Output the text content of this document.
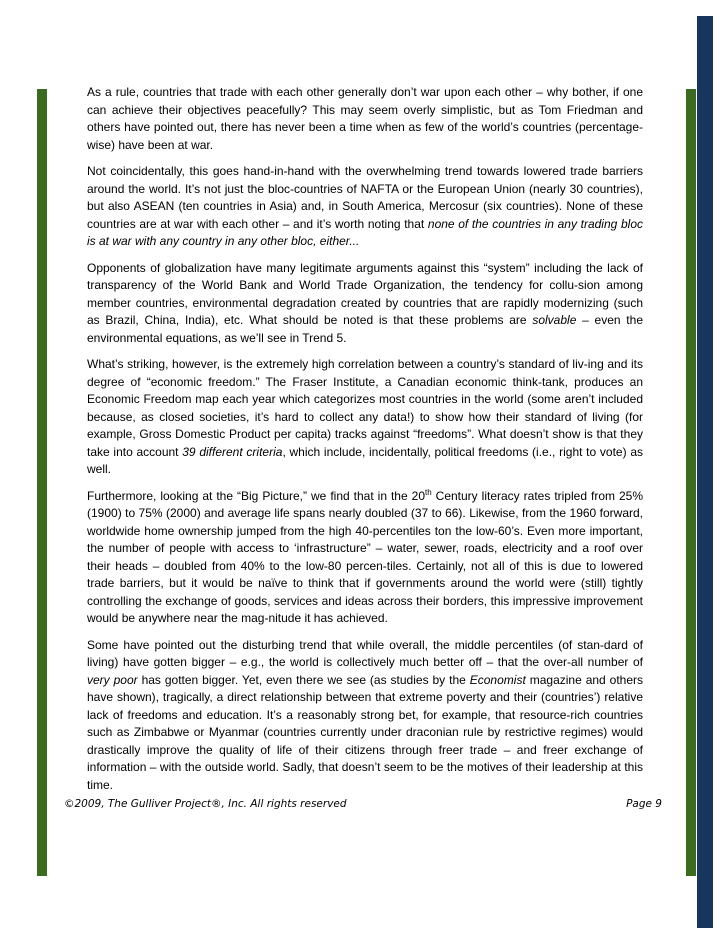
As a rule, countries that trade with each other generally don’t war upon each other – why bother, if one can achieve their objectives peacefully? This may seem overly simplistic, but as Tom Friedman and others have pointed out, there has never been a time when as few of the world’s countries (percentage-wise) have been at war.

Not coincidentally, this goes hand-in-hand with the overwhelming trend towards lowered trade barriers around the world. It’s not just the bloc-countries of NAFTA or the European Union (nearly 30 countries), but also ASEAN (ten countries in Asia) and, in South America, Mercosur (six countries). None of these countries are at war with each other – and it’s worth noting that none of the countries in any trading bloc is at war with any country in any other bloc, either...

Opponents of globalization have many legitimate arguments against this “system” including the lack of transparency of the World Bank and World Trade Organization, the tendency for collu-sion among member countries, environmental degradation created by countries that are rapidly modernizing (such as Brazil, China, India), etc. What should be noted is that these problems are solvable – even the environmental equations, as we’ll see in Trend 5.

What’s striking, however, is the extremely high correlation between a country’s standard of liv-ing and its degree of “economic freedom.” The Fraser Institute, a Canadian economic think-tank, produces an Economic Freedom map each year which categorizes most countries in the world (some aren’t included because, as closed societies, it’s hard to collect any data!) to show how their standard of living (for example, Gross Domestic Product per capita) tracks against “freedoms”. What doesn’t show is that they take into account 39 different criteria, which include, incidentally, political freedoms (i.e., right to vote) as well.

Furthermore, looking at the “Big Picture,” we find that in the 20th Century literacy rates tripled from 25% (1900) to 75% (2000) and average life spans nearly doubled (37 to 66). Likewise, from the 1960 forward, worldwide home ownership jumped from the high 40-percentiles ton the low-60’s. Even more important, the number of people with access to ‘infrastructure” – water, sewer, roads, electricity and a roof over their heads – doubled from 40% to the low-80 percen-tiles. Certainly, not all of this is due to lowered trade barriers, but it would be naïve to think that if governments around the world were (still) tightly controlling the exchange of goods, services and ideas across their borders, this impressive improvement would be anywhere near the mag-nitude it has achieved.

Some have pointed out the disturbing trend that while overall, the middle percentiles (of stan-dard of living) have gotten bigger – e.g., the world is collectively much better off – that the over-all number of very poor has gotten bigger. Yet, even there we see (as studies by the Economist magazine and others have shown), tragically, a direct relationship between that extreme poverty and their (countries’) relative lack of freedoms and education. It’s a reasonably strong bet, for example, that resource-rich countries such as Zimbabwe or Myanmar (countries currently under draconian rule by restrictive regimes) would drastically improve the quality of life of their citizens through freer trade – and freer exchange of information – with the outside world. Sadly, that doesn’t seem to be the motives of their leadership at this time.

©2009, The Gulliver Project®, Inc. All rights reserved	Page 9
